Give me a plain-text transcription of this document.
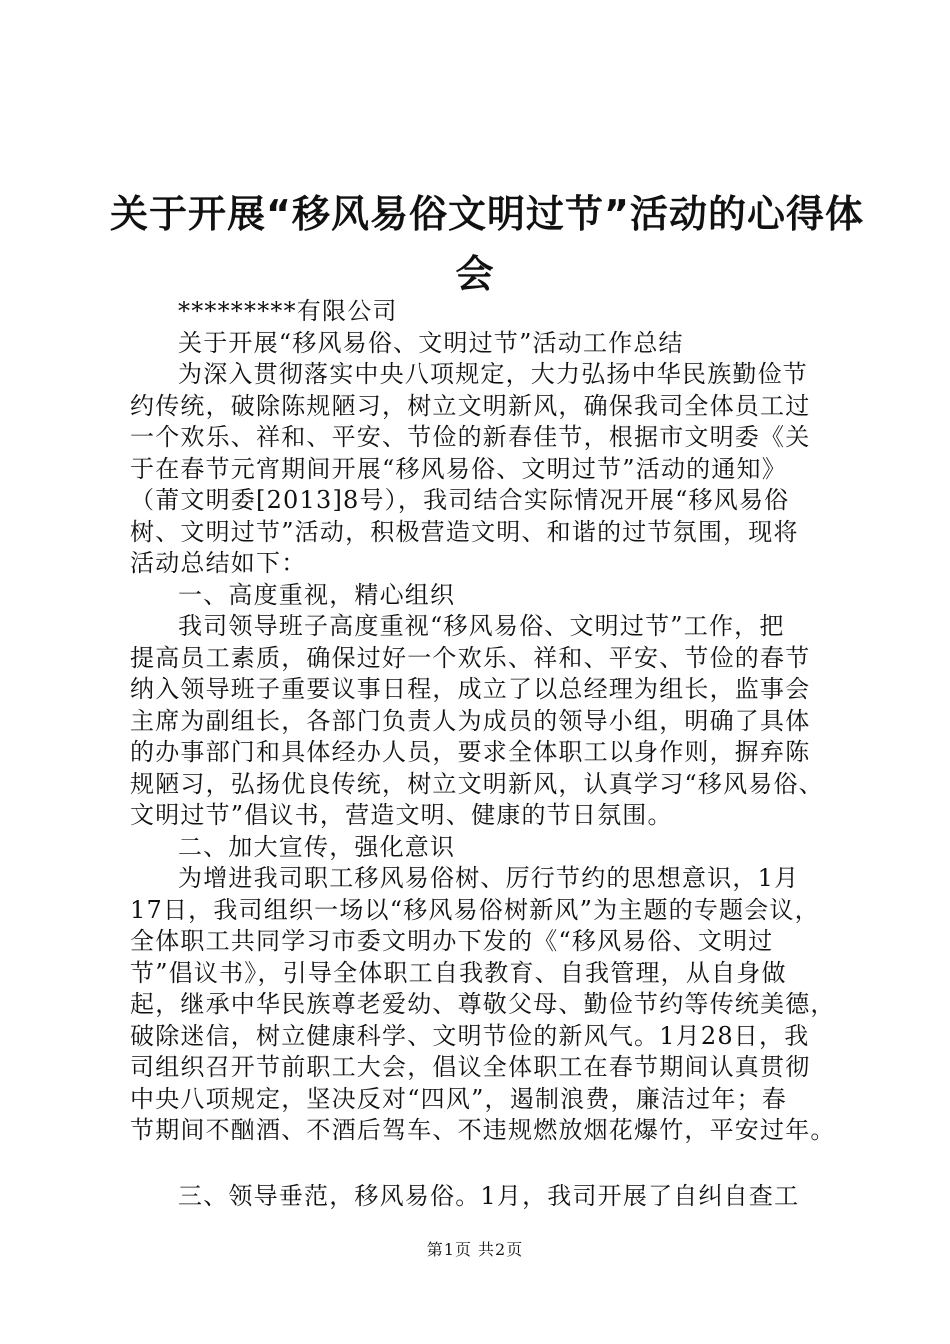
关于开展“移风易俗文明过节”活动的心得体
会
*********有限公司
关于开展“移风易俗、文明过节”活动工作总结
为深入贯彻落实中央八项规定，大力弘扬中华民族勤俭节
约传统，破除陈规陋习，树立文明新风，确保我司全体员工过
一个欢乐、祥和、平安、节俭的新春佳节，根据市文明委《关
于在春节元宵期间开展“移风易俗、文明过节”活动的通知》
（莆文明委[2013]8号），我司结合实际情况开展“移风易俗
树、文明过节”活动，积极营造文明、和谐的过节氛围，现将
活动总结如下：
一、高度重视，精心组织
我司领导班子高度重视“移风易俗、文明过节”工作，把
提高员工素质，确保过好一个欢乐、祥和、平安、节俭的春节
纳入领导班子重要议事日程，成立了以总经理为组长，监事会
主席为副组长，各部门负责人为成员的领导小组，明确了具体
的办事部门和具体经办人员，要求全体职工以身作则，摒弃陈
规陋习，弘扬优良传统，树立文明新风，认真学习“移风易俗、
文明过节”倡议书，营造文明、健康的节日氛围。
二、加大宣传，强化意识
为增进我司职工移风易俗树、厉行节约的思想意识，1月
17日，我司组织一场以“移风易俗树新风”为主题的专题会议，
全体职工共同学习市委文明办下发的《“移风易俗、文明过
节”倡议书》，引导全体职工自我教育、自我管理，从自身做
起，继承中华民族尊老爱幼、尊敬父母、勤俭节约等传统美德，
破除迷信，树立健康科学、文明节俭的新风气。1月28日，我
司组织召开节前职工大会，倡议全体职工在春节期间认真贯彻
中央八项规定，坚决反对“四风”，遏制浪费，廉洁过年；春
节期间不酗酒、不酒后驾车、不违规燃放烟花爆竹，平安过年。
三、领导垂范，移风易俗。1月，我司开展了自纠自查工
第1页 共2页
